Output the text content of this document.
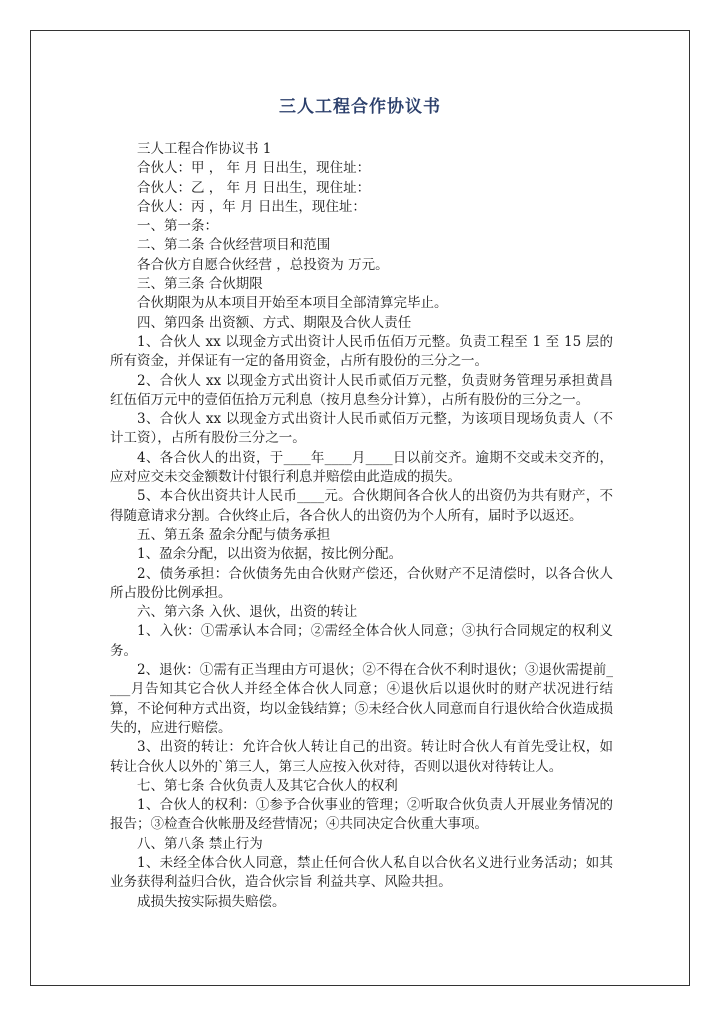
三人工程合作协议书

三人工程合作协议书 1

合伙人：甲 ， 年 月 日出生，现住址：

合伙人：乙 ， 年 月 日出生，现住址：

合伙人：丙 ，年 月 日出生，现住址：

一、第一条：

二、第二条 合伙经营项目和范围

各合伙方自愿合伙经营 ，总投资为 万元。

三、第三条 合伙期限

合伙期限为从本项目开始至本项目全部清算完毕止。

四、第四条 出资额、方式、期限及合伙人责任

1、合伙人 xx 以现金方式出资计人民币伍佰万元整。负责工程至 1 至 15 层的所有资金，并保证有一定的备用资金，占所有股份的三分之一。

2、合伙人 xx 以现金方式出资计人民币贰佰万元整，负责财务管理另承担黄昌红伍佰万元中的壹佰伍拾万元利息（按月息叁分计算），占所有股份的三分之一。

3、合伙人 xx 以现金方式出资计人民币贰佰万元整，为该项目现场负责人（不计工资），占所有股份三分之一。

4、各合伙人的出资，于____年____月____日以前交齐。逾期不交或未交齐的，应对应交未交金额数计付银行利息并赔偿由此造成的损失。

5、本合伙出资共计人民币____元。合伙期间各合伙人的出资仍为共有财产，不得随意请求分割。合伙终止后，各合伙人的出资仍为个人所有，届时予以返还。

五、第五条 盈余分配与债务承担

1、盈余分配，以出资为依据，按比例分配。

2、债务承担：合伙债务先由合伙财产偿还，合伙财产不足清偿时，以各合伙人所占股份比例承担。

六、第六条 入伙、退伙，出资的转让

1、入伙：①需承认本合同；②需经全体合伙人同意；③执行合同规定的权利义务。

2、退伙：①需有正当理由方可退伙；②不得在合伙不利时退伙；③退伙需提前____月告知其它合伙人并经全体合伙人同意；④退伙后以退伙时的财产状况进行结算，不论何种方式出资，均以金钱结算；⑤未经合伙人同意而自行退伙给合伙造成损失的，应进行赔偿。

3、出资的转让：允许合伙人转让自己的出资。转让时合伙人有首先受让权，如转让合伙人以外的`第三人，第三人应按入伙对待，否则以退伙对待转让人。

七、第七条 合伙负责人及其它合伙人的权利

1、合伙人的权利：①参予合伙事业的管理；②听取合伙负责人开展业务情况的报告；③检查合伙帐册及经营情况；④共同决定合伙重大事项。

八、第八条 禁止行为

1、未经全体合伙人同意，禁止任何合伙人私自以合伙名义进行业务活动；如其业务获得利益归合伙，造合伙宗旨 利益共享、风险共担。

成损失按实际损失赔偿。
